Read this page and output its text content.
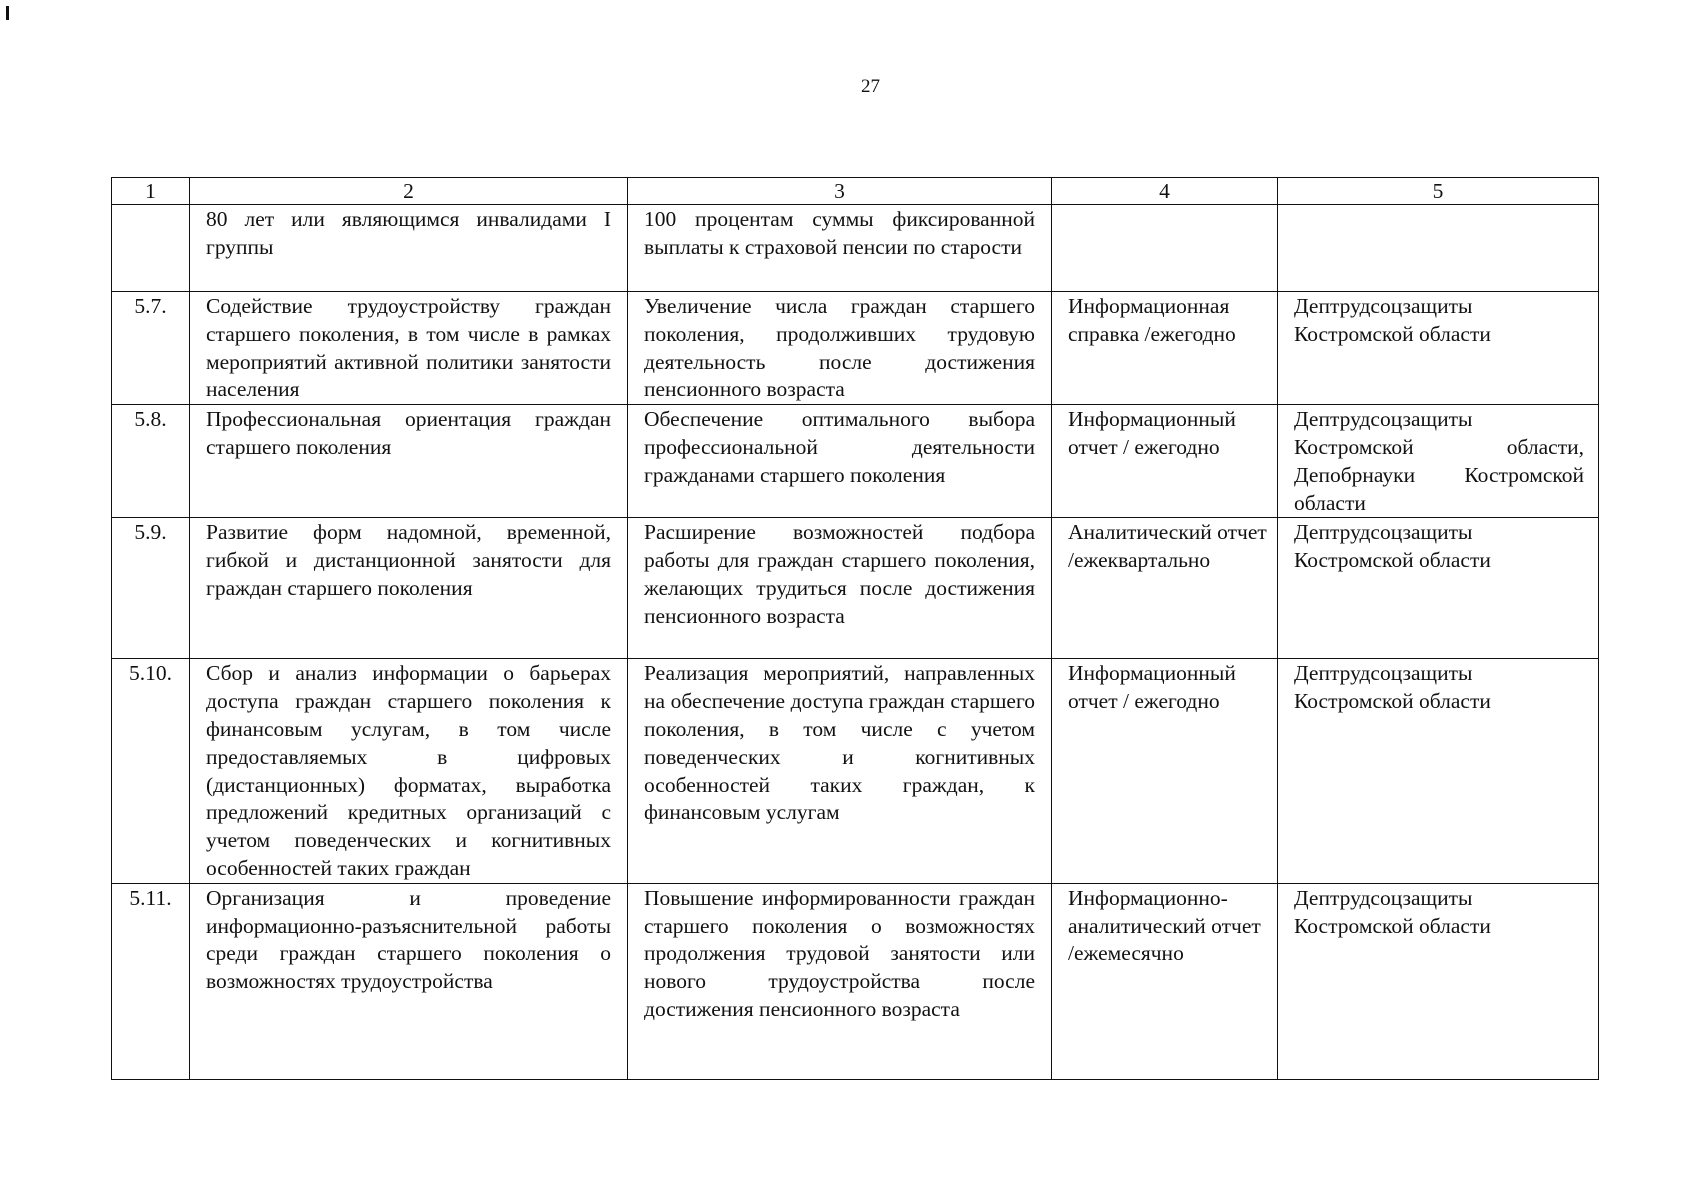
27
1	2	3	4	5
	80 лет или являющимся инвалидами I группы	100 процентам суммы фиксированной выплаты к страховой пенсии по старости		
5.7.	Содействие трудоустройству граждан старшего поколения, в том числе в рамках мероприятий активной политики занятости населения	Увеличение числа граждан старшего поколения, продолживших трудовую деятельность после достижения пенсионного возраста	Информационная справка /ежегодно	Дептрудсоцзащиты Костромской области
5.8.	Профессиональная ориентация граждан старшего поколения	Обеспечение оптимального выбора профессиональной деятельности гражданами старшего поколения	Информационный отчет / ежегодно	Дептрудсоцзащиты Костромской области, Депобрнауки Костромской области
5.9.	Развитие форм надомной, временной, гибкой и дистанционной занятости для граждан старшего поколения	Расширение возможностей подбора работы для граждан старшего поколения, желающих трудиться после достижения пенсионного возраста	Аналитический отчет /ежеквартально	Дептрудсоцзащиты Костромской области
5.10.	Сбор и анализ информации о барьерах доступа граждан старшего поколения к финансовым услугам, в том числе предоставляемых в цифровых (дистанционных) форматах, выработка предложений кредитных организаций с учетом поведенческих и когнитивных особенностей таких граждан	Реализация мероприятий, направленных на обеспечение доступа граждан старшего поколения, в том числе с учетом поведенческих и когнитивных особенностей таких граждан, к финансовым услугам	Информационный отчет / ежегодно	Дептрудсоцзащиты Костромской области
5.11.	Организация и проведение информационно-разъяснительной работы среди граждан старшего поколения о возможностях трудоустройства	Повышение информированности граждан старшего поколения о возможностях продолжения трудовой занятости или нового трудоустройства после достижения пенсионного возраста	Информационно-аналитический отчет /ежемесячно	Дептрудсоцзащиты Костромской области
